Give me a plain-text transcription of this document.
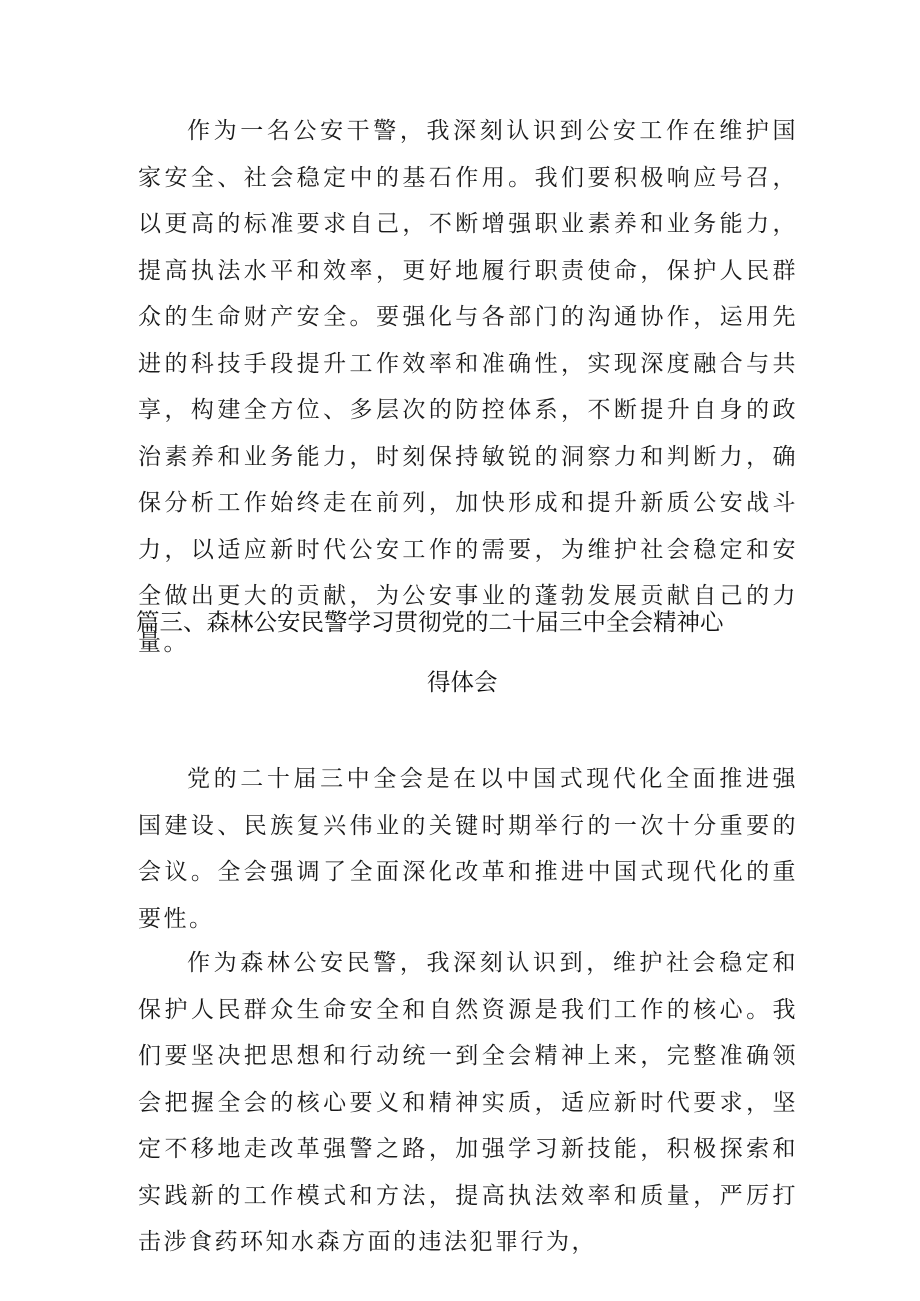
作为一名公安干警，我深刻认识到公安工作在维护国家安全、社会稳定中的基石作用。我们要积极响应号召，以更高的标准要求自己，不断增强职业素养和业务能力，提高执法水平和效率，更好地履行职责使命，保护人民群众的生命财产安全。要强化与各部门的沟通协作，运用先进的科技手段提升工作效率和准确性，实现深度融合与共享，构建全方位、多层次的防控体系，不断提升自身的政治素养和业务能力，时刻保持敏锐的洞察力和判断力，确保分析工作始终走在前列，加快形成和提升新质公安战斗力，以适应新时代公安工作的需要，为维护社会稳定和安全做出更大的贡献，为公安事业的蓬勃发展贡献自己的力量。

篇三、森林公安民警学习贯彻党的二十届三中全会精神心
得体会

党的二十届三中全会是在以中国式现代化全面推进强国建设、民族复兴伟业的关键时期举行的一次十分重要的会议。全会强调了全面深化改革和推进中国式现代化的重要性。

作为森林公安民警，我深刻认识到，维护社会稳定和保护人民群众生命安全和自然资源是我们工作的核心。我们要坚决把思想和行动统一到全会精神上来，完整准确领会把握全会的核心要义和精神实质，适应新时代要求，坚定不移地走改革强警之路，加强学习新技能，积极探索和实践新的工作模式和方法，提高执法效率和质量，严厉打击涉食药环知水森方面的违法犯罪行为，
